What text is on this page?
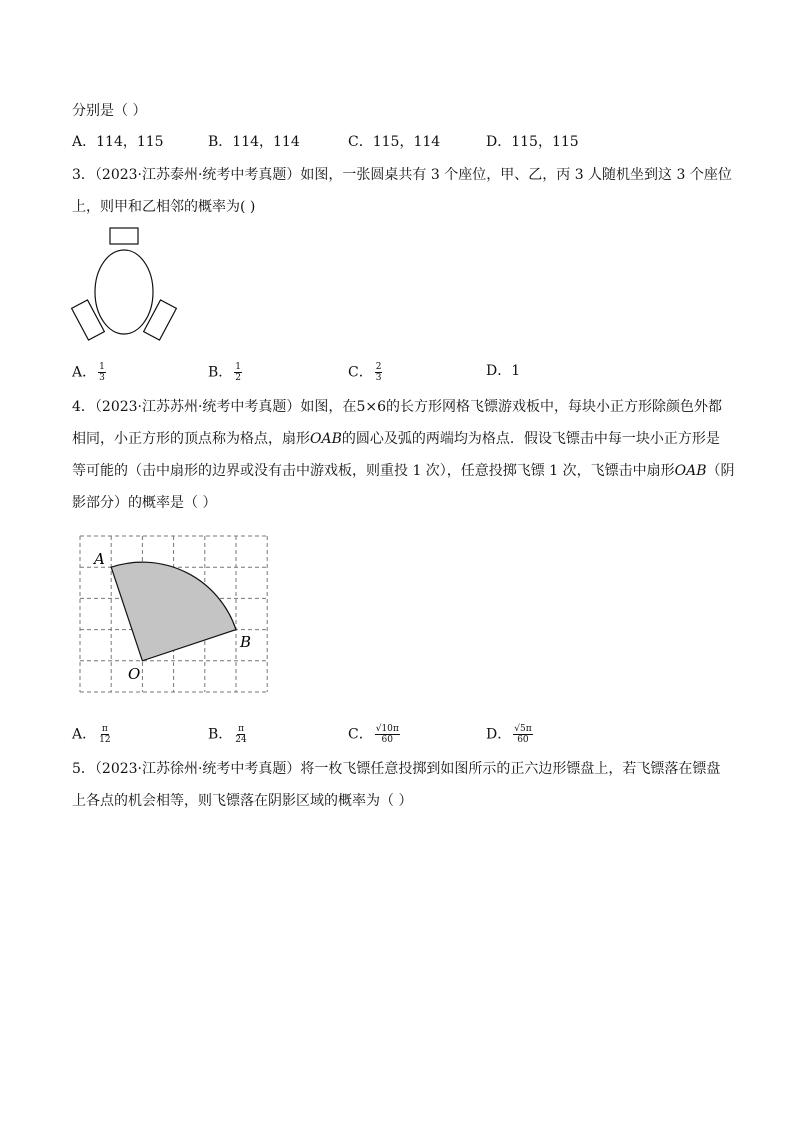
分别是（ ）
A．114，115	B．114，114	C．115，114	D．115，115
3．（2023·江苏泰州·统考中考真题）如图，一张圆桌共有 3 个座位，甲、乙，丙 3 人随机坐到这 3 个座位
上，则甲和乙相邻的概率为( )
A． $\frac{1}{3}$	B． $\frac{1}{2}$	C． $\frac{2}{3}$	D．1
4．（2023·江苏苏州·统考中考真题）如图，在5×6的长方形网格飞镖游戏板中，每块小正方形除颜色外都
相同，小正方形的顶点称为格点，扇形OAB的圆心及弧的两端均为格点．假设飞镖击中每一块小正方形是
等可能的（击中扇形的边界或没有击中游戏板，则重投 1 次），任意投掷飞镖 1 次，飞镖击中扇形OAB（阴
影部分）的概率是（ ）
A
B
O
A． $\frac{\pi}{12}$	B． $\frac{\pi}{24}$	C． $\frac{√10\pi}{60}$	D． $\frac{√5\pi}{60}$
5．（2023·江苏徐州·统考中考真题）将一枚飞镖任意投掷到如图所示的正六边形镖盘上，若飞镖落在镖盘
上各点的机会相等，则飞镖落在阴影区域的概率为（ ）
